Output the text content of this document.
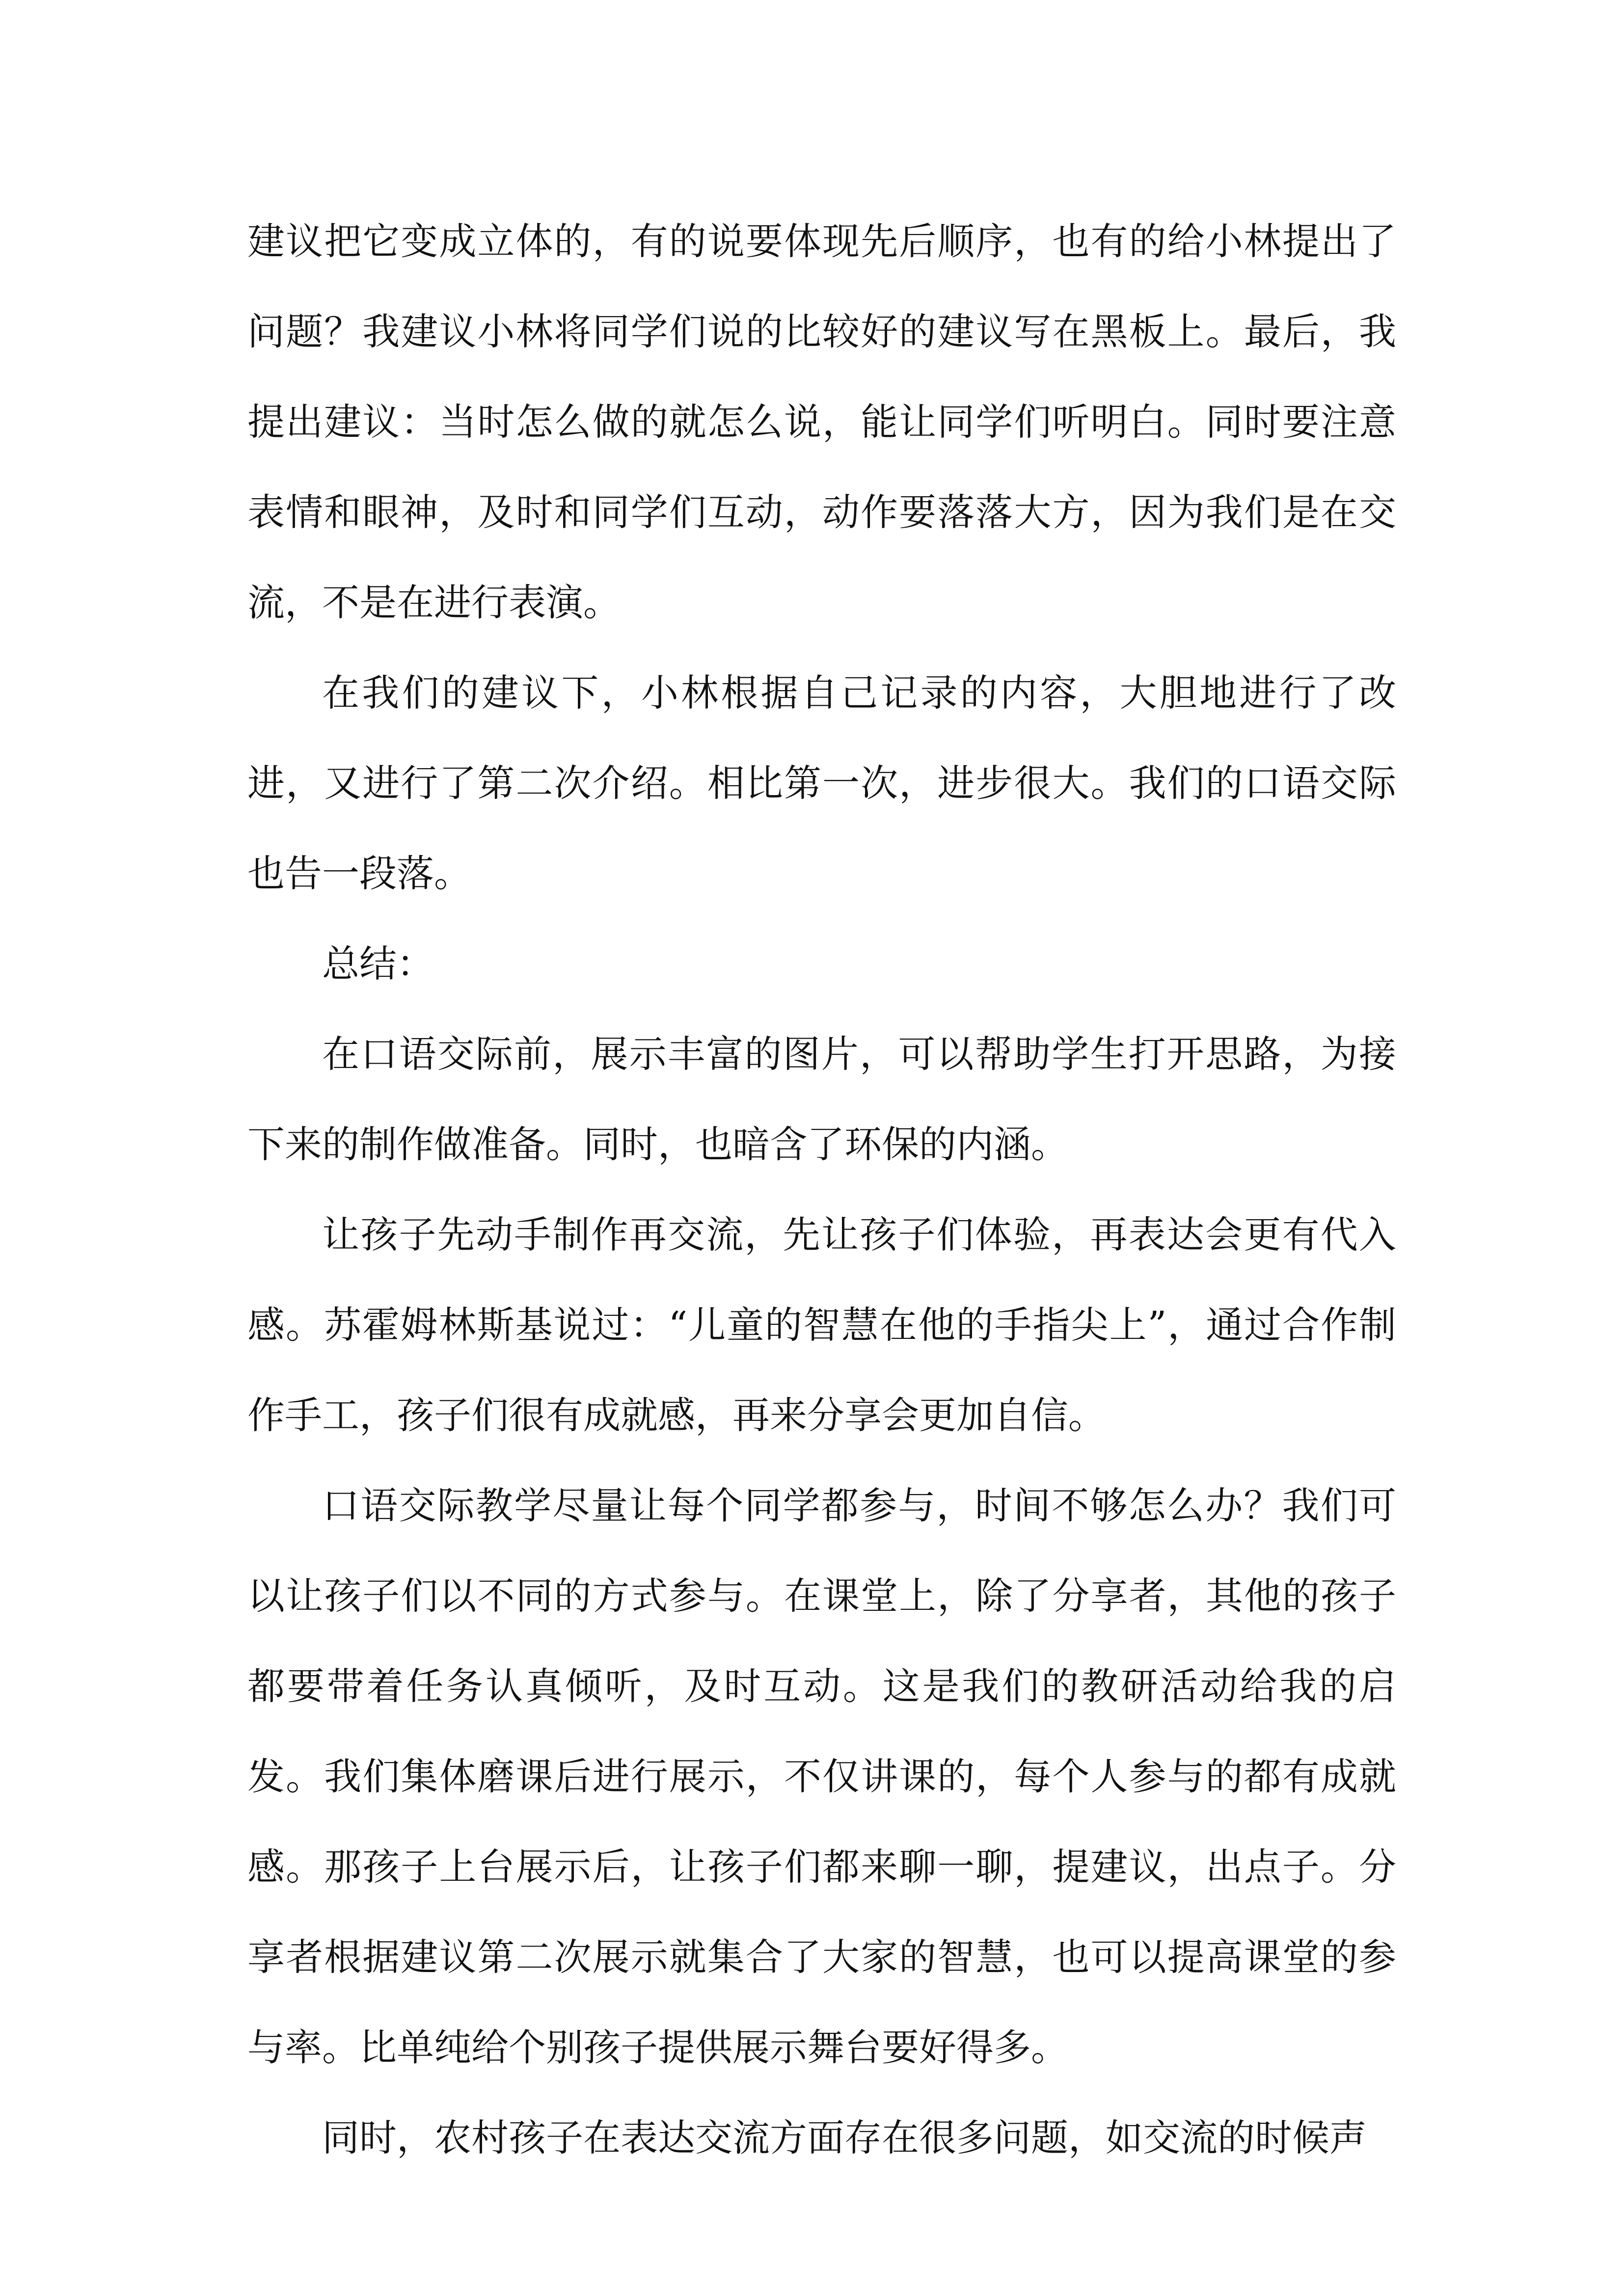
建议把它变成立体的，有的说要体现先后顺序，也有的给小林提出了问题？我建议小林将同学们说的比较好的建议写在黑板上。最后，我提出建议：当时怎么做的就怎么说，能让同学们听明白。同时要注意表情和眼神，及时和同学们互动，动作要落落大方，因为我们是在交流，不是在进行表演。

在我们的建议下，小林根据自己记录的内容，大胆地进行了改进，又进行了第二次介绍。相比第一次，进步很大。我们的口语交际也告一段落。

总结：

在口语交际前，展示丰富的图片，可以帮助学生打开思路，为接下来的制作做准备。同时，也暗含了环保的内涵。

让孩子先动手制作再交流，先让孩子们体验，再表达会更有代入感。苏霍姆林斯基说过：“儿童的智慧在他的手指尖上”，通过合作制作手工，孩子们很有成就感，再来分享会更加自信。

口语交际教学尽量让每个同学都参与，时间不够怎么办？我们可以让孩子们以不同的方式参与。在课堂上，除了分享者，其他的孩子都要带着任务认真倾听，及时互动。这是我们的教研活动给我的启发。我们集体磨课后进行展示，不仅讲课的，每个人参与的都有成就感。那孩子上台展示后，让孩子们都来聊一聊，提建议，出点子。分享者根据建议第二次展示就集合了大家的智慧，也可以提高课堂的参与率。比单纯给个别孩子提供展示舞台要好得多。

同时，农村孩子在表达交流方面存在很多问题，如交流的时候声
